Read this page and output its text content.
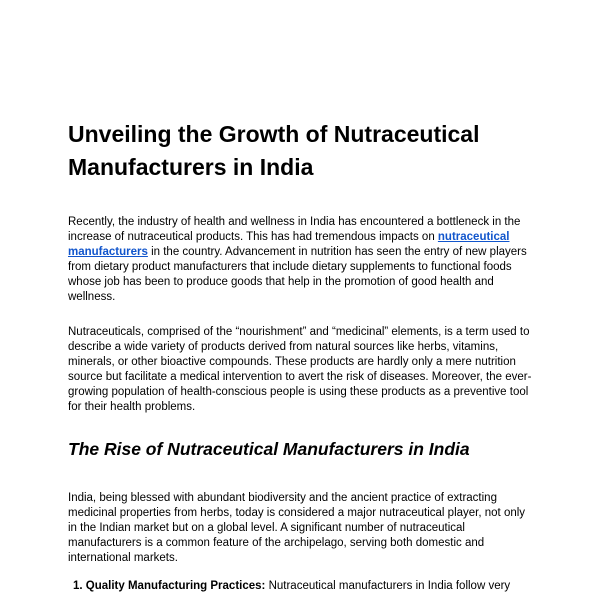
Unveiling the Growth of Nutraceutical Manufacturers in India

Recently, the industry of health and wellness in India has encountered a bottleneck in the increase of nutraceutical products. This has had tremendous impacts on nutraceutical manufacturers in the country. Advancement in nutrition has seen the entry of new players from dietary product manufacturers that include dietary supplements to functional foods whose job has been to produce goods that help in the promotion of good health and wellness.

Nutraceuticals, comprised of the “nourishment” and “medicinal” elements, is a term used to describe a wide variety of products derived from natural sources like herbs, vitamins, minerals, or other bioactive compounds. These products are hardly only a mere nutrition source but facilitate a medical intervention to avert the risk of diseases. Moreover, the ever-growing population of health-conscious people is using these products as a preventive tool for their health problems.

The Rise of Nutraceutical Manufacturers in India

India, being blessed with abundant biodiversity and the ancient practice of extracting medicinal properties from herbs, today is considered a major nutraceutical player, not only in the Indian market but on a global level. A significant number of nutraceutical manufacturers is a common feature of the archipelago, serving both domestic and international markets.

1. Quality Manufacturing Practices: Nutraceutical manufacturers in India follow very
